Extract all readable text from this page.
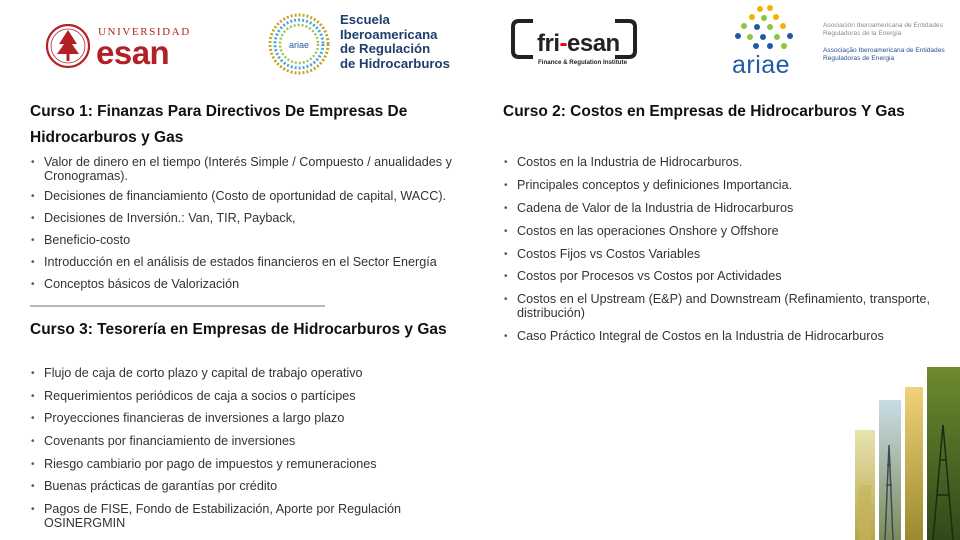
UNIVERSIDAD
esan	ariae
Escuela
Iberoamericana
de Regulación
de Hidrocarburos
fri-esan
Finance & Regulation Institute	ariae
Asociación Iberoamericana de Entidades Reguladoras de la Energía
Associação Iberoamericana de Entidades Reguladoras de Energia
Curso 1: Finanzas Para Directivos De Empresas De Hidrocarburos y Gas
• Valor de dinero en el tiempo (Interés Simple / Compuesto / anualidades y Cronogramas).
• Decisiones de financiamiento (Costo de oportunidad de capital, WACC).
• Decisiones de Inversión.: Van, TIR, Payback,
• Beneficio-costo
• Introducción en el análisis de estados financieros en el Sector Energía
• Conceptos básicos de Valorización
Curso 2: Costos en Empresas de Hidrocarburos Y Gas
• Costos en la Industria de Hidrocarburos.
• Principales conceptos y definiciones Importancia.
• Cadena de Valor de la Industria de Hidrocarburos
• Costos en las operaciones Onshore y Offshore
• Costos Fijos vs Costos Variables
• Costos por Procesos vs Costos por Actividades
• Costos en el Upstream (E&P) and Downstream (Refinamiento, transporte, distribución)
• Caso Práctico Integral de Costos en la Industria de Hidrocarburos
Curso 3: Tesorería en Empresas de Hidrocarburos y Gas
• Flujo de caja de corto plazo y capital de trabajo operativo
• Requerimientos periódicos de caja a socios o partícipes
• Proyecciones financieras de inversiones a largo plazo
• Covenants por financiamiento de inversiones
• Riesgo cambiario por pago de impuestos y remuneraciones
• Buenas prácticas de garantías por crédito
• Pagos de FISE, Fondo de Estabilización, Aporte por Regulación OSINERGMIN
